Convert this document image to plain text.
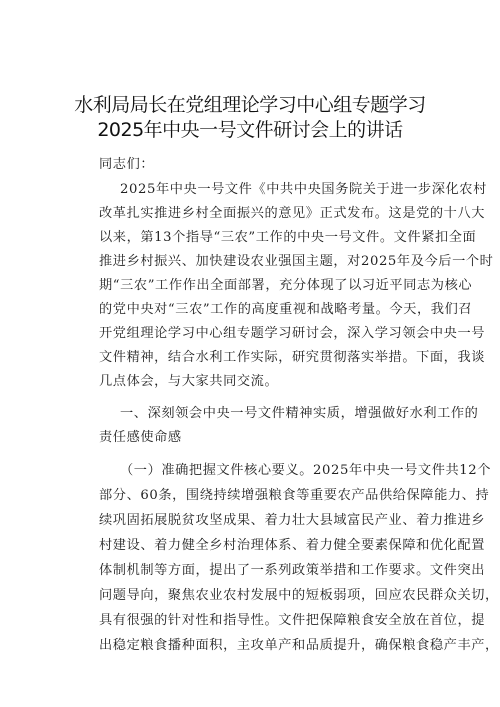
水利局局长在党组理论学习中心组专题学习
2025年中央一号文件研讨会上的讲话
同志们：
2025年中央一号文件《中共中央国务院关于进一步深化农村
改革扎实推进乡村全面振兴的意见》正式发布。这是党的十八大
以来，第13个指导“三农”工作的中央一号文件。文件紧扣全面
推进乡村振兴、加快建设农业强国主题，对2025年及今后一个时
期“三农”工作作出全面部署，充分体现了以习近平同志为核心
的党中央对“三农”工作的高度重视和战略考量。今天，我们召
开党组理论学习中心组专题学习研讨会，深入学习领会中央一号
文件精神，结合水利工作实际，研究贯彻落实举措。下面，我谈
几点体会，与大家共同交流。
一、深刻领会中央一号文件精神实质，增强做好水利工作的
责任感使命感
（一）准确把握文件核心要义。2025年中央一号文件共12个
部分、60条，围绕持续增强粮食等重要农产品供给保障能力、持
续巩固拓展脱贫攻坚成果、着力壮大县域富民产业、着力推进乡
村建设、着力健全乡村治理体系、着力健全要素保障和优化配置
体制机制等方面，提出了一系列政策举措和工作要求。文件突出
问题导向，聚焦农业农村发展中的短板弱项，回应农民群众关切，
具有很强的针对性和指导性。文件把保障粮食安全放在首位，提
出稳定粮食播种面积，主攻单产和品质提升，确保粮食稳产丰产，
